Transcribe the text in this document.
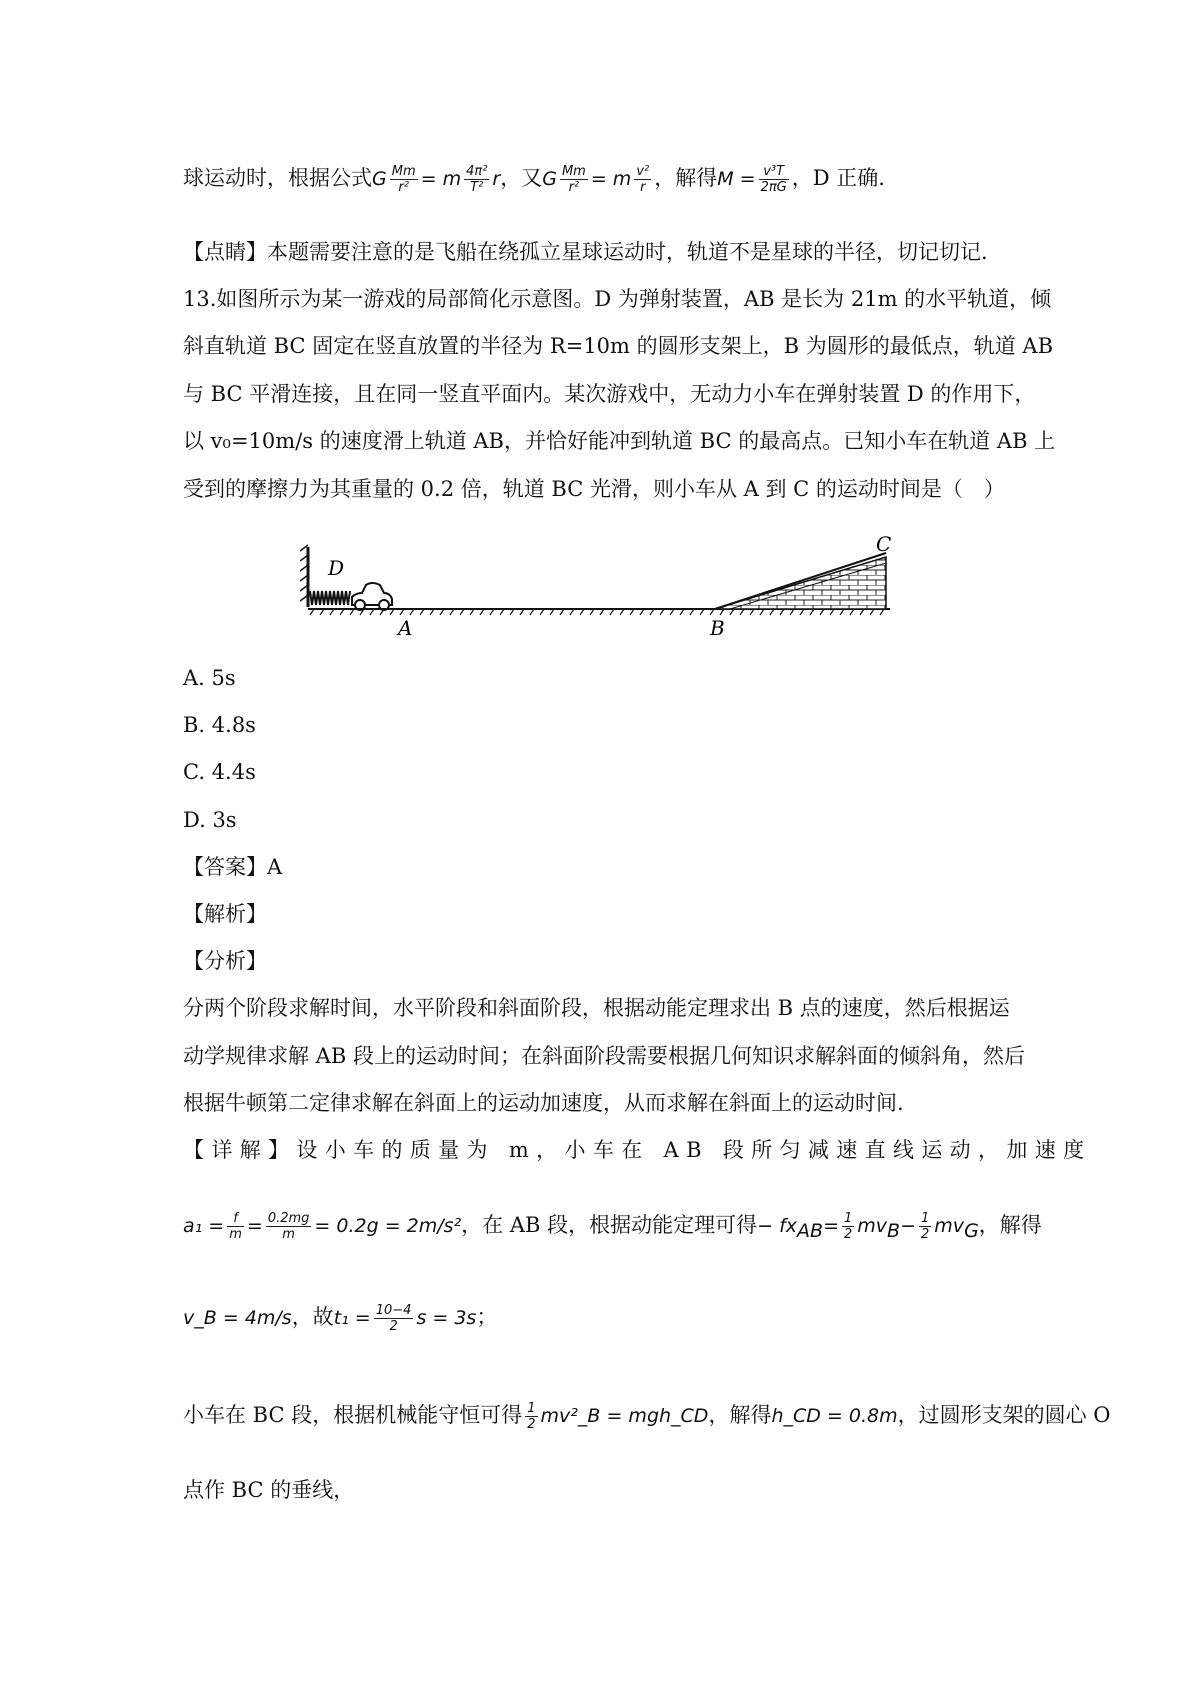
球运动时，根据公式G $\frac{Mm}{\text{r²}} = m \frac{\text{4π²}}{\text{T²}}$ r，又G $\frac{Mm}{\text{r²}} = m \frac{\text{v²}}{r}$ ，解得$M = \frac{\text{v³T}}{2\pi G}$ ，D 正确.
【点睛】本题需要注意的是飞船在绕孤立星球运动时，轨道不是星球的半径，切记切记.
13.如图所示为某一游戏的局部简化示意图。D 为弹射装置，AB 是长为 21m 的水平轨道，倾
斜直轨道 BC 固定在竖直放置的半径为 R=10m 的圆形支架上，B 为圆形的最低点，轨道 AB
与 BC 平滑连接，且在同一竖直平面内。某次游戏中，无动力小车在弹射装置 D 的作用下，
以 v₀=10m/s 的速度滑上轨道 AB，并恰好能冲到轨道 BC 的最高点。已知小车在轨道 AB 上
受到的摩擦力为其重量的 0.2 倍，轨道 BC 光滑，则小车从 A 到 C 的运动时间是（　）
D
A	B
C
A. 5s
B. 4.8s
C. 4.4s
D. 3s
【答案】A
【解析】
【分析】
分两个阶段求解时间，水平阶段和斜面阶段，根据动能定理求出 B 点的速度，然后根据运
动学规律求解 AB 段上的运动时间；在斜面阶段需要根据几何知识求解斜面的倾斜角，然后
根据牛顿第二定律求解在斜面上的运动加速度，从而求解在斜面上的运动时间.
【详解】设小车的质量为 m，小车在 AB 段所匀减速直线运动，加速度
$a_1 = \frac{f}{m} = \frac{0.2mg}{m} = 0.2g = 2m/s^2$，在 AB 段，根据动能定理可得− $fx_{AB}= \frac{1}{2} mv_B- \frac{1}{2} mv_G$，解得
v_B = 4m/s，故$t_1 = \frac{10-4}{2}$ s = 3s；
小车在 BC 段，根据机械能守恒可得 $\frac{1}{2}$ mv²_B = mgh_CD，解得h_CD = 0.8m，过圆形支架的圆心 O
点作 BC 的垂线，
